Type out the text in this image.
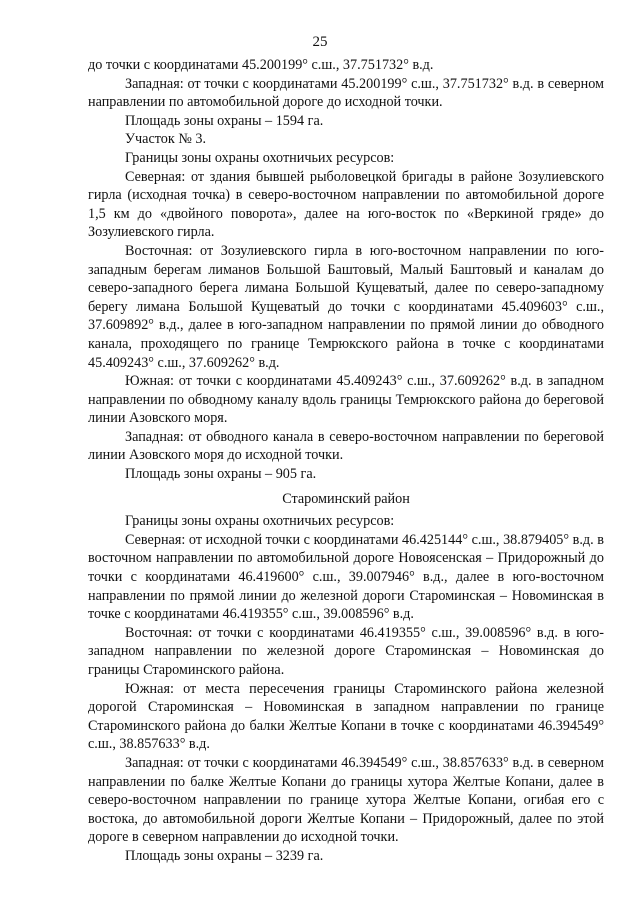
25

до точки с координатами 45.200199° с.ш., 37.751732° в.д.

Западная: от точки с координатами 45.200199° с.ш., 37.751732° в.д. в северном направлении по автомобильной дороге до исходной точки.

Площадь зоны охраны – 1594 га.

Участок № 3.

Границы зоны охраны охотничьих ресурсов:

Северная: от здания бывшей рыболовецкой бригады в районе Зозулиевского гирла (исходная точка) в северо-восточном направлении по автомобильной дороге 1,5 км до «двойного поворота», далее на юго-восток по «Веркиной гряде» до Зозулиевского гирла.

Восточная: от Зозулиевского гирла в юго-восточном направлении по юго-западным берегам лиманов Большой Бaштовый, Малый Баштовый и каналам до северо-западного берега лимана Большой Кущеватый, далее по северо-западному берегу лимана Большой Кущеватый до точки с координатами 45.409603° с.ш., 37.609892° в.д., далее в юго-западном направлении по прямой линии до обводного канала, проходящего по границе Темрюкского района в точке с координатами 45.409243° с.ш., 37.609262° в.д.

Южная: от точки с координатами 45.409243° с.ш., 37.609262° в.д. в западном направлении по обводному каналу вдоль границы Темрюкского района до береговой линии Азовского моря.

Западная: от обводного канала в северо-восточном направлении по береговой линии Азовского моря до исходной точки.

Площадь зоны охраны – 905 га.

Староминский район

Границы зоны охраны охотничьих ресурсов:

Северная: от исходной точки с координатами 46.425144° с.ш., 38.879405° в.д. в восточном направлении по автомобильной дороге Новоясенская – Придорожный до точки с координатами 46.419600° с.ш., 39.007946° в.д., далее в юго-восточном направлении по прямой линии до железной дороги Староминская – Новоминская в точке с координатами 46.419355° с.ш., 39.008596° в.д.

Восточная: от точки с координатами 46.419355° с.ш., 39.008596° в.д. в юго-западном направлении по железной дороге Староминская – Новоминская до границы Староминского района.

Южная: от места пересечения границы Староминского района железной дорогой Староминская – Новоминская в западном направлении по границе Староминского района до балки Желтые Копани в точке с координатами 46.394549° с.ш., 38.857633° в.д.

Западная: от точки с координатами 46.394549° с.ш., 38.857633° в.д. в северном направлении по балке Желтые Копани до границы хутора Желтые Копани, далее в северо-восточном направлении по границе хутора Желтые Копани, огибая его с востока, до автомобильной дороги Желтые Копани – Придорожный, далее по этой дороге в северном направлении до исходной точки.

Площадь зоны охраны – 3239 га.
